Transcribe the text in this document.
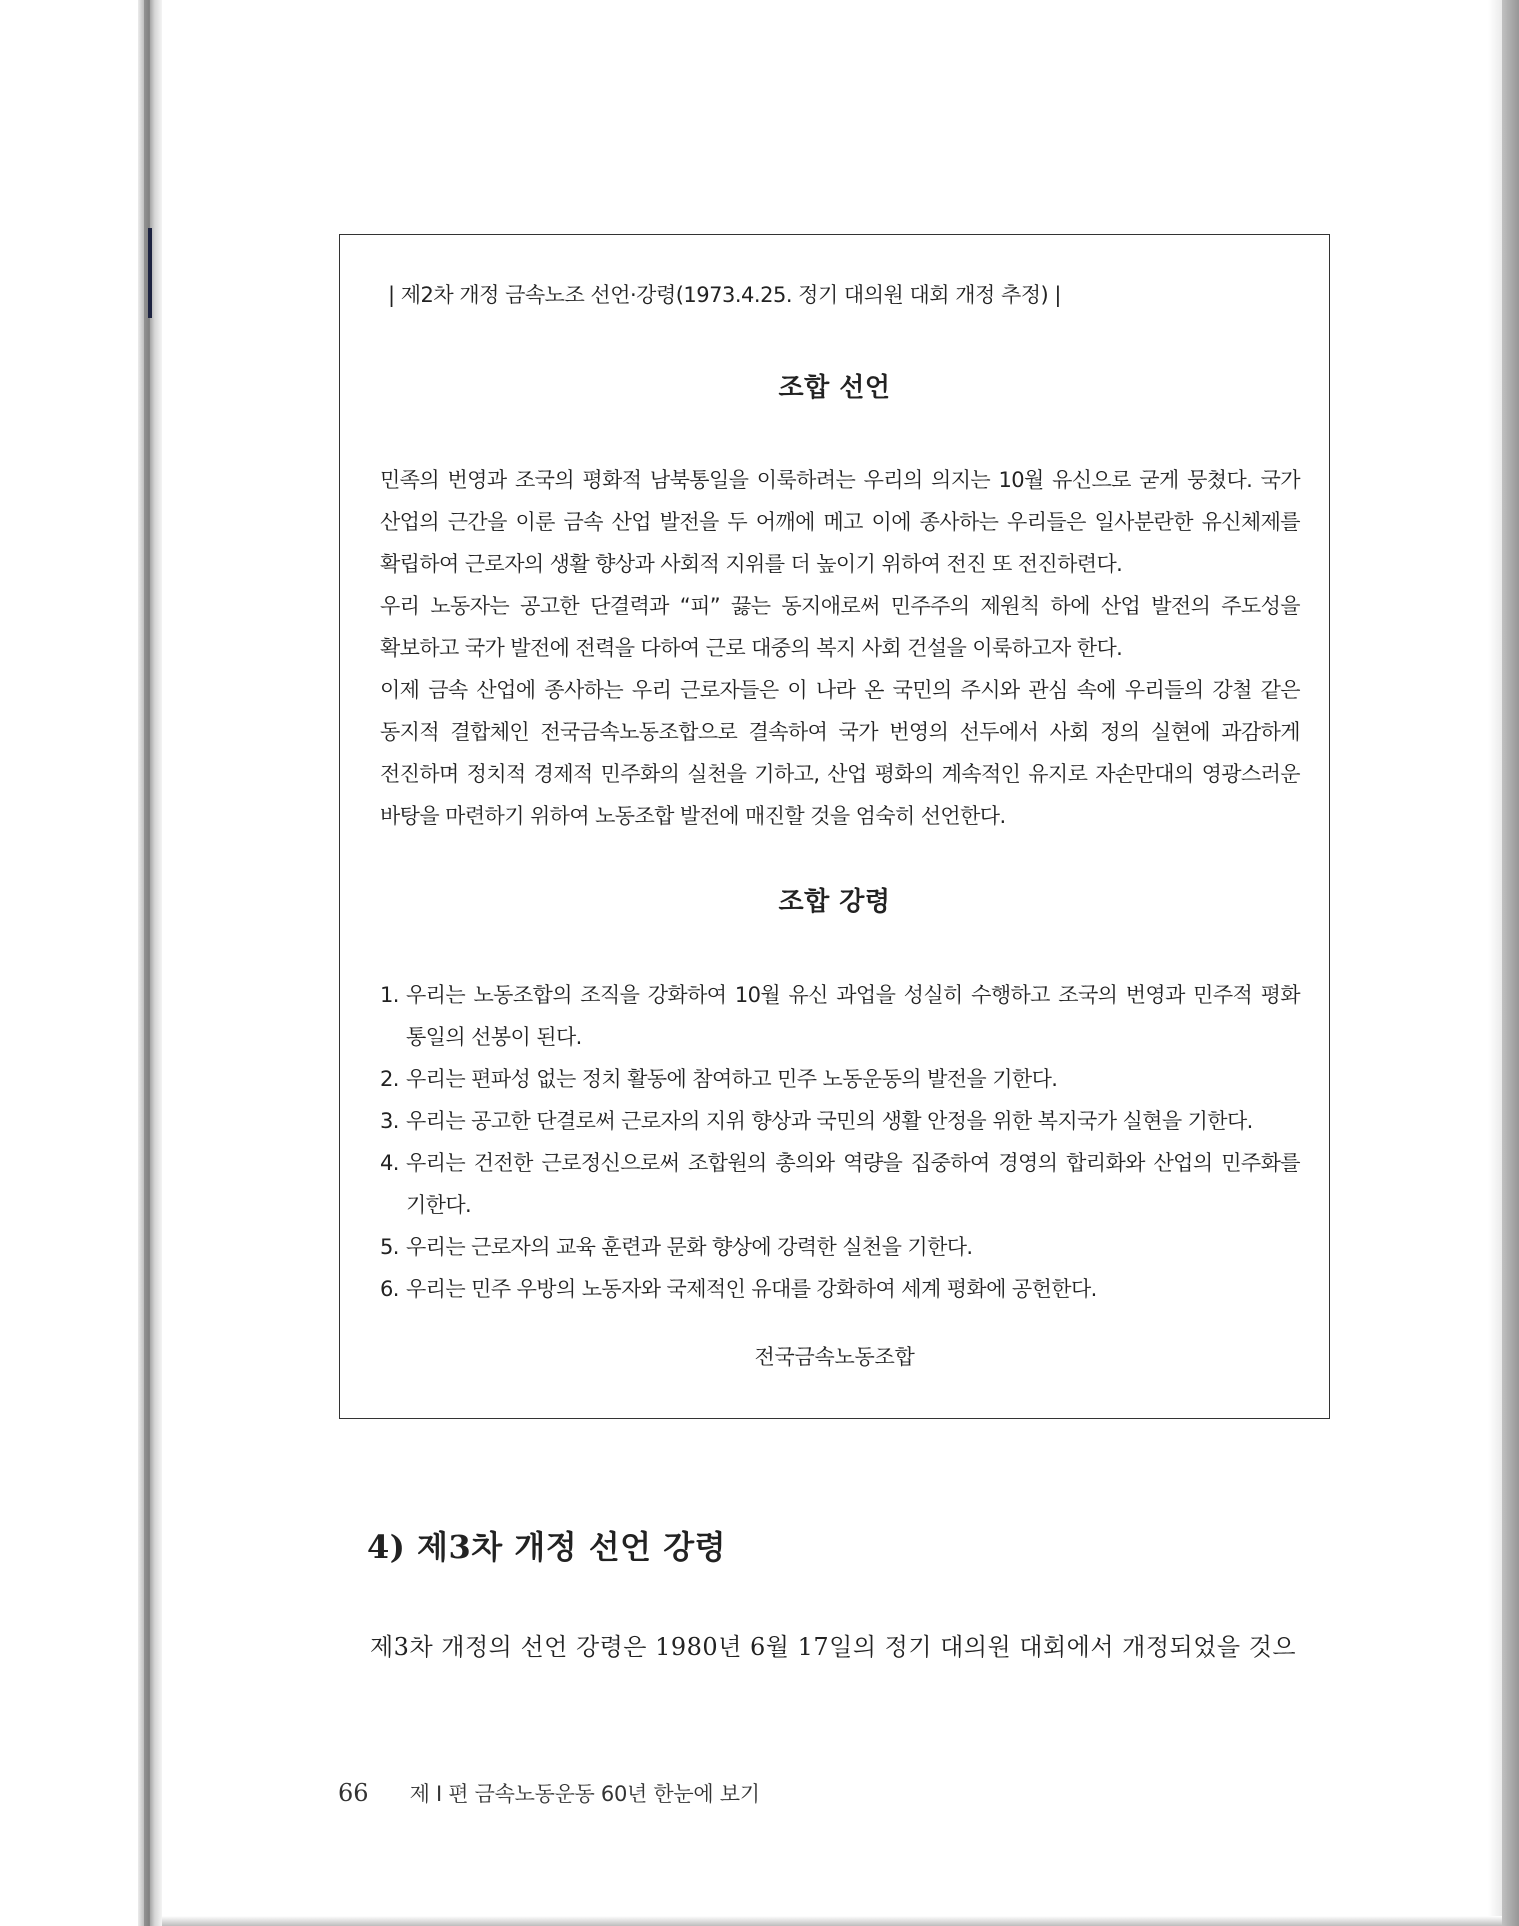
| 제2차 개정 금속노조 선언·강령(1973.4.25. 정기 대의원 대회 개정 추정) |
조합 선언

민족의 번영과 조국의 평화적 남북통일을 이룩하려는 우리의 의지는 10월 유신으로 굳게 뭉쳤다. 국가 산업의 근간을 이룬 금속 산업 발전을 두 어깨에 메고 이에 종사하는 우리들은 일사분란한 유신체제를 확립하여 근로자의 생활 향상과 사회적 지위를 더 높이기 위하여 전진 또 전진하련다.

우리 노동자는 공고한 단결력과 “피” 끓는 동지애로써 민주주의 제원칙 하에 산업 발전의 주도성을 확보하고 국가 발전에 전력을 다하여 근로 대중의 복지 사회 건설을 이룩하고자 한다.

이제 금속 산업에 종사하는 우리 근로자들은 이 나라 온 국민의 주시와 관심 속에 우리들의 강철 같은 동지적 결합체인 전국금속노동조합으로 결속하여 국가 번영의 선두에서 사회 정의 실현에 과감하게 전진하며 정치적 경제적 민주화의 실천을 기하고, 산업 평화의 계속적인 유지로 자손만대의 영광스러운 바탕을 마련하기 위하여 노동조합 발전에 매진할 것을 엄숙히 선언한다.

조합 강령
1. 우리는 노동조합의 조직을 강화하여 10월 유신 과업을 성실히 수행하고 조국의 번영과 민주적 평화 통일의 선봉이 된다.
2. 우리는 편파성 없는 정치 활동에 참여하고 민주 노동운동의 발전을 기한다.
3. 우리는 공고한 단결로써 근로자의 지위 향상과 국민의 생활 안정을 위한 복지국가 실현을 기한다.
4. 우리는 건전한 근로정신으로써 조합원의 총의와 역량을 집중하여 경영의 합리화와 산업의 민주화를 기한다.
5. 우리는 근로자의 교육 훈련과 문화 향상에 강력한 실천을 기한다.
6. 우리는 민주 우방의 노동자와 국제적인 유대를 강화하여 세계 평화에 공헌한다.
전국금속노동조합
4) 제3차 개정 선언 강령
제3차 개정의 선언 강령은 1980년 6월 17일의 정기 대의원 대회에서 개정되었을 것으
66 제 I 편 금속노동운동 60년 한눈에 보기
